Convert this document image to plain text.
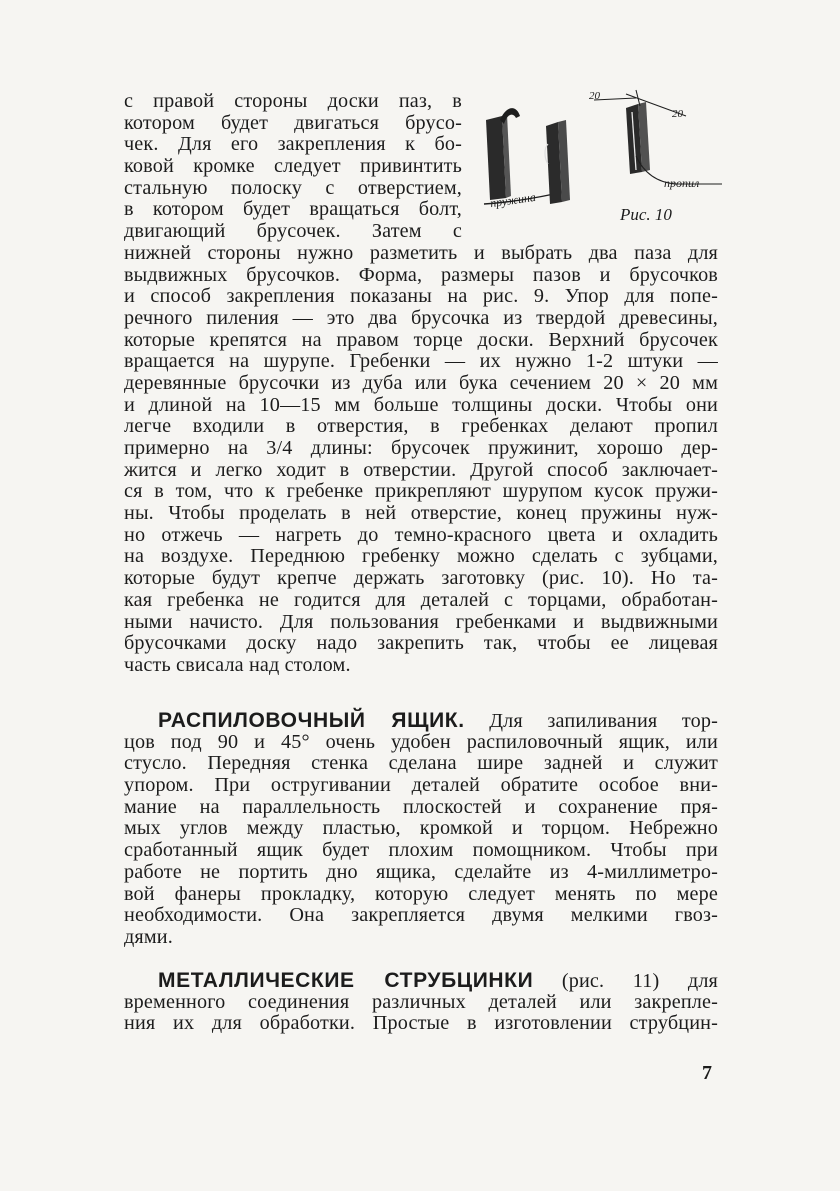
пружина
пропил
20
20
Рис. 10
с правой стороны доски паз, в
котором будет двигаться брусо-
чек. Для его закрепления к бо-
ковой кромке следует привинтить
стальную полоску с отверстием,
в котором будет вращаться болт,
двигающий брусочек. Затем с
нижней стороны нужно разметить и выбрать два паза для
выдвижных брусочков. Форма, размеры пазов и брусочков
и способ закрепления показаны на рис. 9. Упор для попе-
речного пиления — это два брусочка из твердой древесины,
которые крепятся на правом торце доски. Верхний брусочек
вращается на шурупе. Гребенки — их нужно 1-2 штуки —
деревянные брусочки из дуба или бука сечением 20 × 20 мм
и длиной на 10—15 мм больше толщины доски. Чтобы они
легче входили в отверстия, в гребенках делают пропил
примерно на 3/4 длины: брусочек пружинит, хорошо дер-
жится и легко ходит в отверстии. Другой способ заключает-
ся в том, что к гребенке прикрепляют шурупом кусок пружи-
ны. Чтобы проделать в ней отверстие, конец пружины нуж-
но отжечь — нагреть до темно-красного цвета и охладить
на воздухе. Переднюю гребенку можно сделать с зубцами,
которые будут крепче держать заготовку (рис. 10). Но та-
кая гребенка не годится для деталей с торцами, обработан-
ными начисто. Для пользования гребенками и выдвижными
брусочками доску надо закрепить так, чтобы ее лицевая
часть свисала над столом.
РАСПИЛОВОЧНЫЙ ЯЩИК. Для запиливания тор-
цов под 90 и 45° очень удобен распиловочный ящик, или
стусло. Передняя стенка сделана шире задней и служит
упором. При остругивании деталей обратите особое вни-
мание на параллельность плоскостей и сохранение пря-
мых углов между пластью, кромкой и торцом. Небрежно
сработанный ящик будет плохим помощником. Чтобы при
работе не портить дно ящика, сделайте из 4-миллиметро-
вой фанеры прокладку, которую следует менять по мере
необходимости. Она закрепляется двумя мелкими гвоз-
дями.
МЕТАЛЛИЧЕСКИЕ СТРУБЦИНКИ (рис. 11) для
временного соединения различных деталей или закрепле-
ния их для обработки. Простые в изготовлении струбцин-
7
